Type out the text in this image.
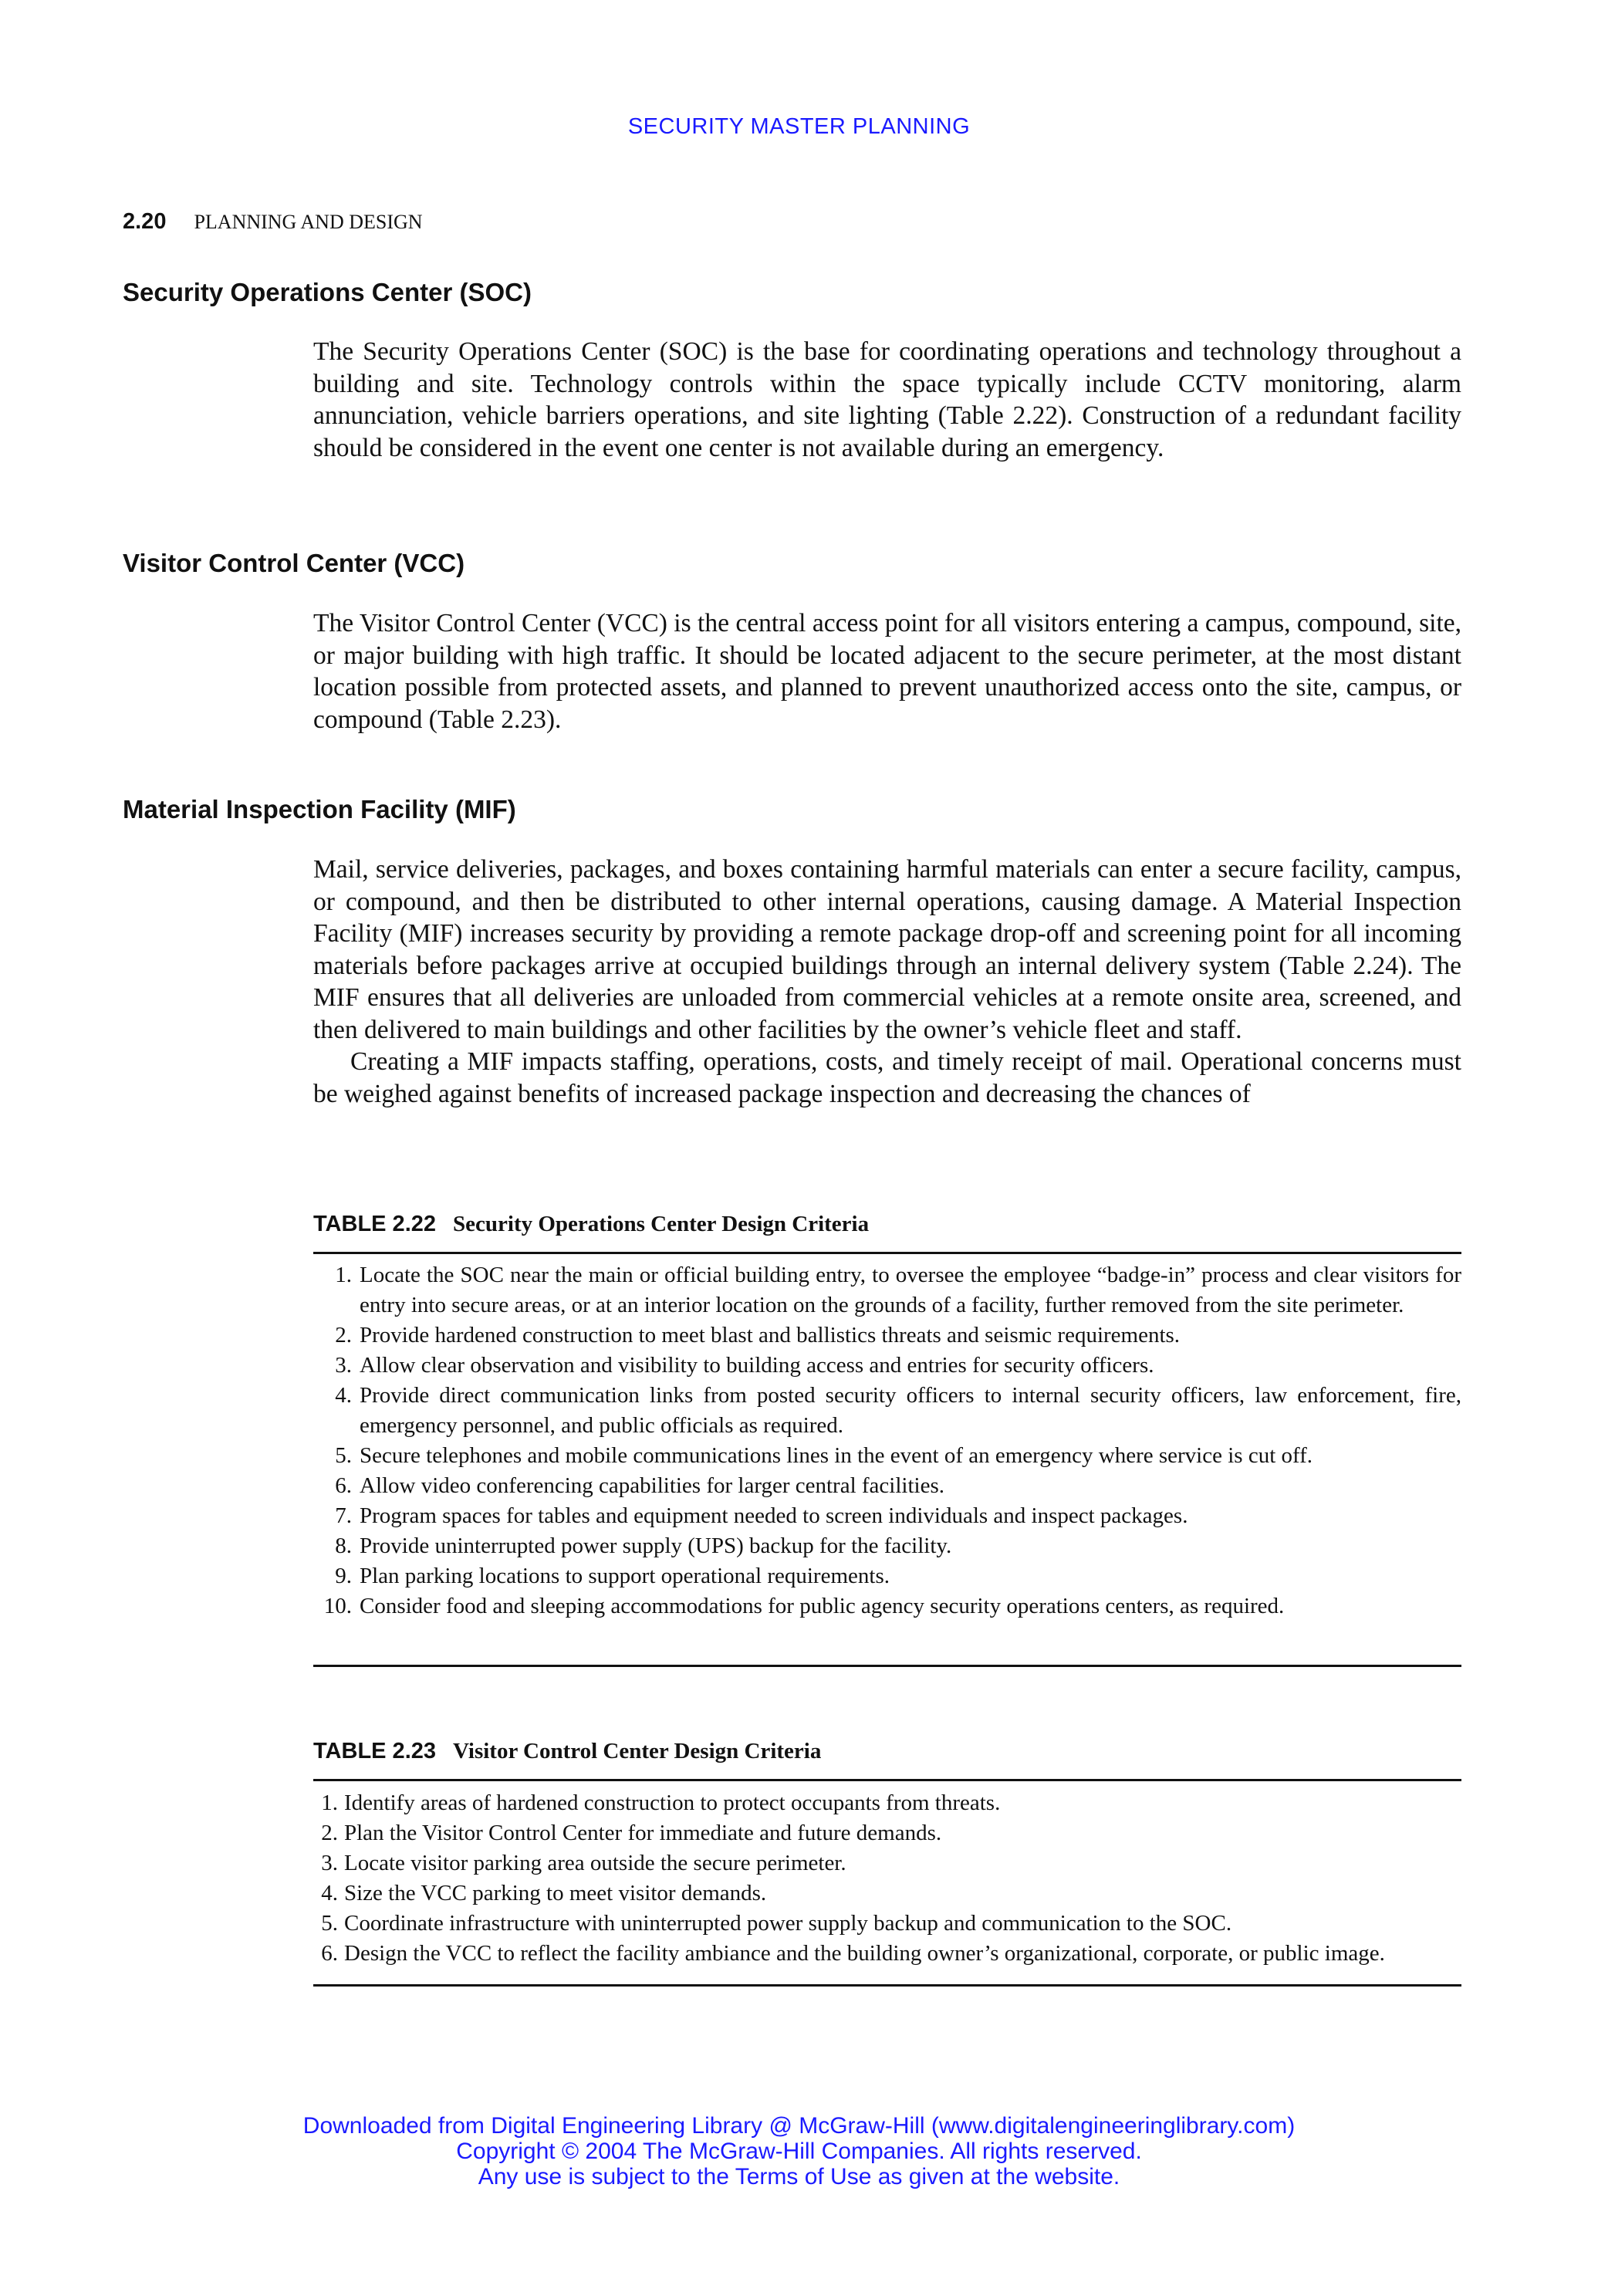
SECURITY MASTER PLANNING
2.20 PLANNING AND DESIGN
Security Operations Center (SOC)

The Security Operations Center (SOC) is the base for coordinating operations and technology throughout a building and site. Technology controls within the space typically include CCTV monitoring, alarm annunciation, vehicle barriers operations, and site lighting (Table 2.22). Construction of a redundant facility should be considered in the event one center is not available during an emergency.

Visitor Control Center (VCC)

The Visitor Control Center (VCC) is the central access point for all visitors entering a campus, compound, site, or major building with high traffic. It should be located adjacent to the secure perimeter, at the most distant location possible from protected assets, and planned to prevent unauthorized access onto the site, campus, or compound (Table 2.23).

Material Inspection Facility (MIF)

Mail, service deliveries, packages, and boxes containing harmful materials can enter a secure facility, campus, or compound, and then be distributed to other internal operations, causing damage. A Material Inspection Facility (MIF) increases security by providing a remote package drop-off and screening point for all incoming materials before packages arrive at occupied buildings through an internal delivery system (Table 2.24). The MIF ensures that all deliveries are unloaded from commercial vehicles at a remote onsite area, screened, and then delivered to main buildings and other facilities by the owner’s vehicle fleet and staff.

Creating a MIF impacts staffing, operations, costs, and timely receipt of mail. Operational concerns must be weighed against benefits of increased package inspection and decreasing the chances of

TABLE 2.22 Security Operations Center Design Criteria
1. Locate the SOC near the main or official building entry, to oversee the employee “badge-in” process and clear visitors for entry into secure areas, or at an interior location on the grounds of a facility, further removed from the site perimeter.
2. Provide hardened construction to meet blast and ballistics threats and seismic requirements.
3. Allow clear observation and visibility to building access and entries for security officers.
4. Provide direct communication links from posted security officers to internal security officers, law enforcement, fire, emergency personnel, and public officials as required.
5. Secure telephones and mobile communications lines in the event of an emergency where service is cut off.
6. Allow video conferencing capabilities for larger central facilities.
7. Program spaces for tables and equipment needed to screen individuals and inspect packages.
8. Provide uninterrupted power supply (UPS) backup for the facility.
9. Plan parking locations to support operational requirements.
10. Consider food and sleeping accommodations for public agency security operations centers, as required.
TABLE 2.23 Visitor Control Center Design Criteria
1. Identify areas of hardened construction to protect occupants from threats.
2. Plan the Visitor Control Center for immediate and future demands.
3. Locate visitor parking area outside the secure perimeter.
4. Size the VCC parking to meet visitor demands.
5. Coordinate infrastructure with uninterrupted power supply backup and communication to the SOC.
6. Design the VCC to reflect the facility ambiance and the building owner’s organizational, corporate, or public image.
Downloaded from Digital Engineering Library @ McGraw-Hill (www.digitalengineeringlibrary.com)
Copyright © 2004 The McGraw-Hill Companies. All rights reserved.
Any use is subject to the Terms of Use as given at the website.
